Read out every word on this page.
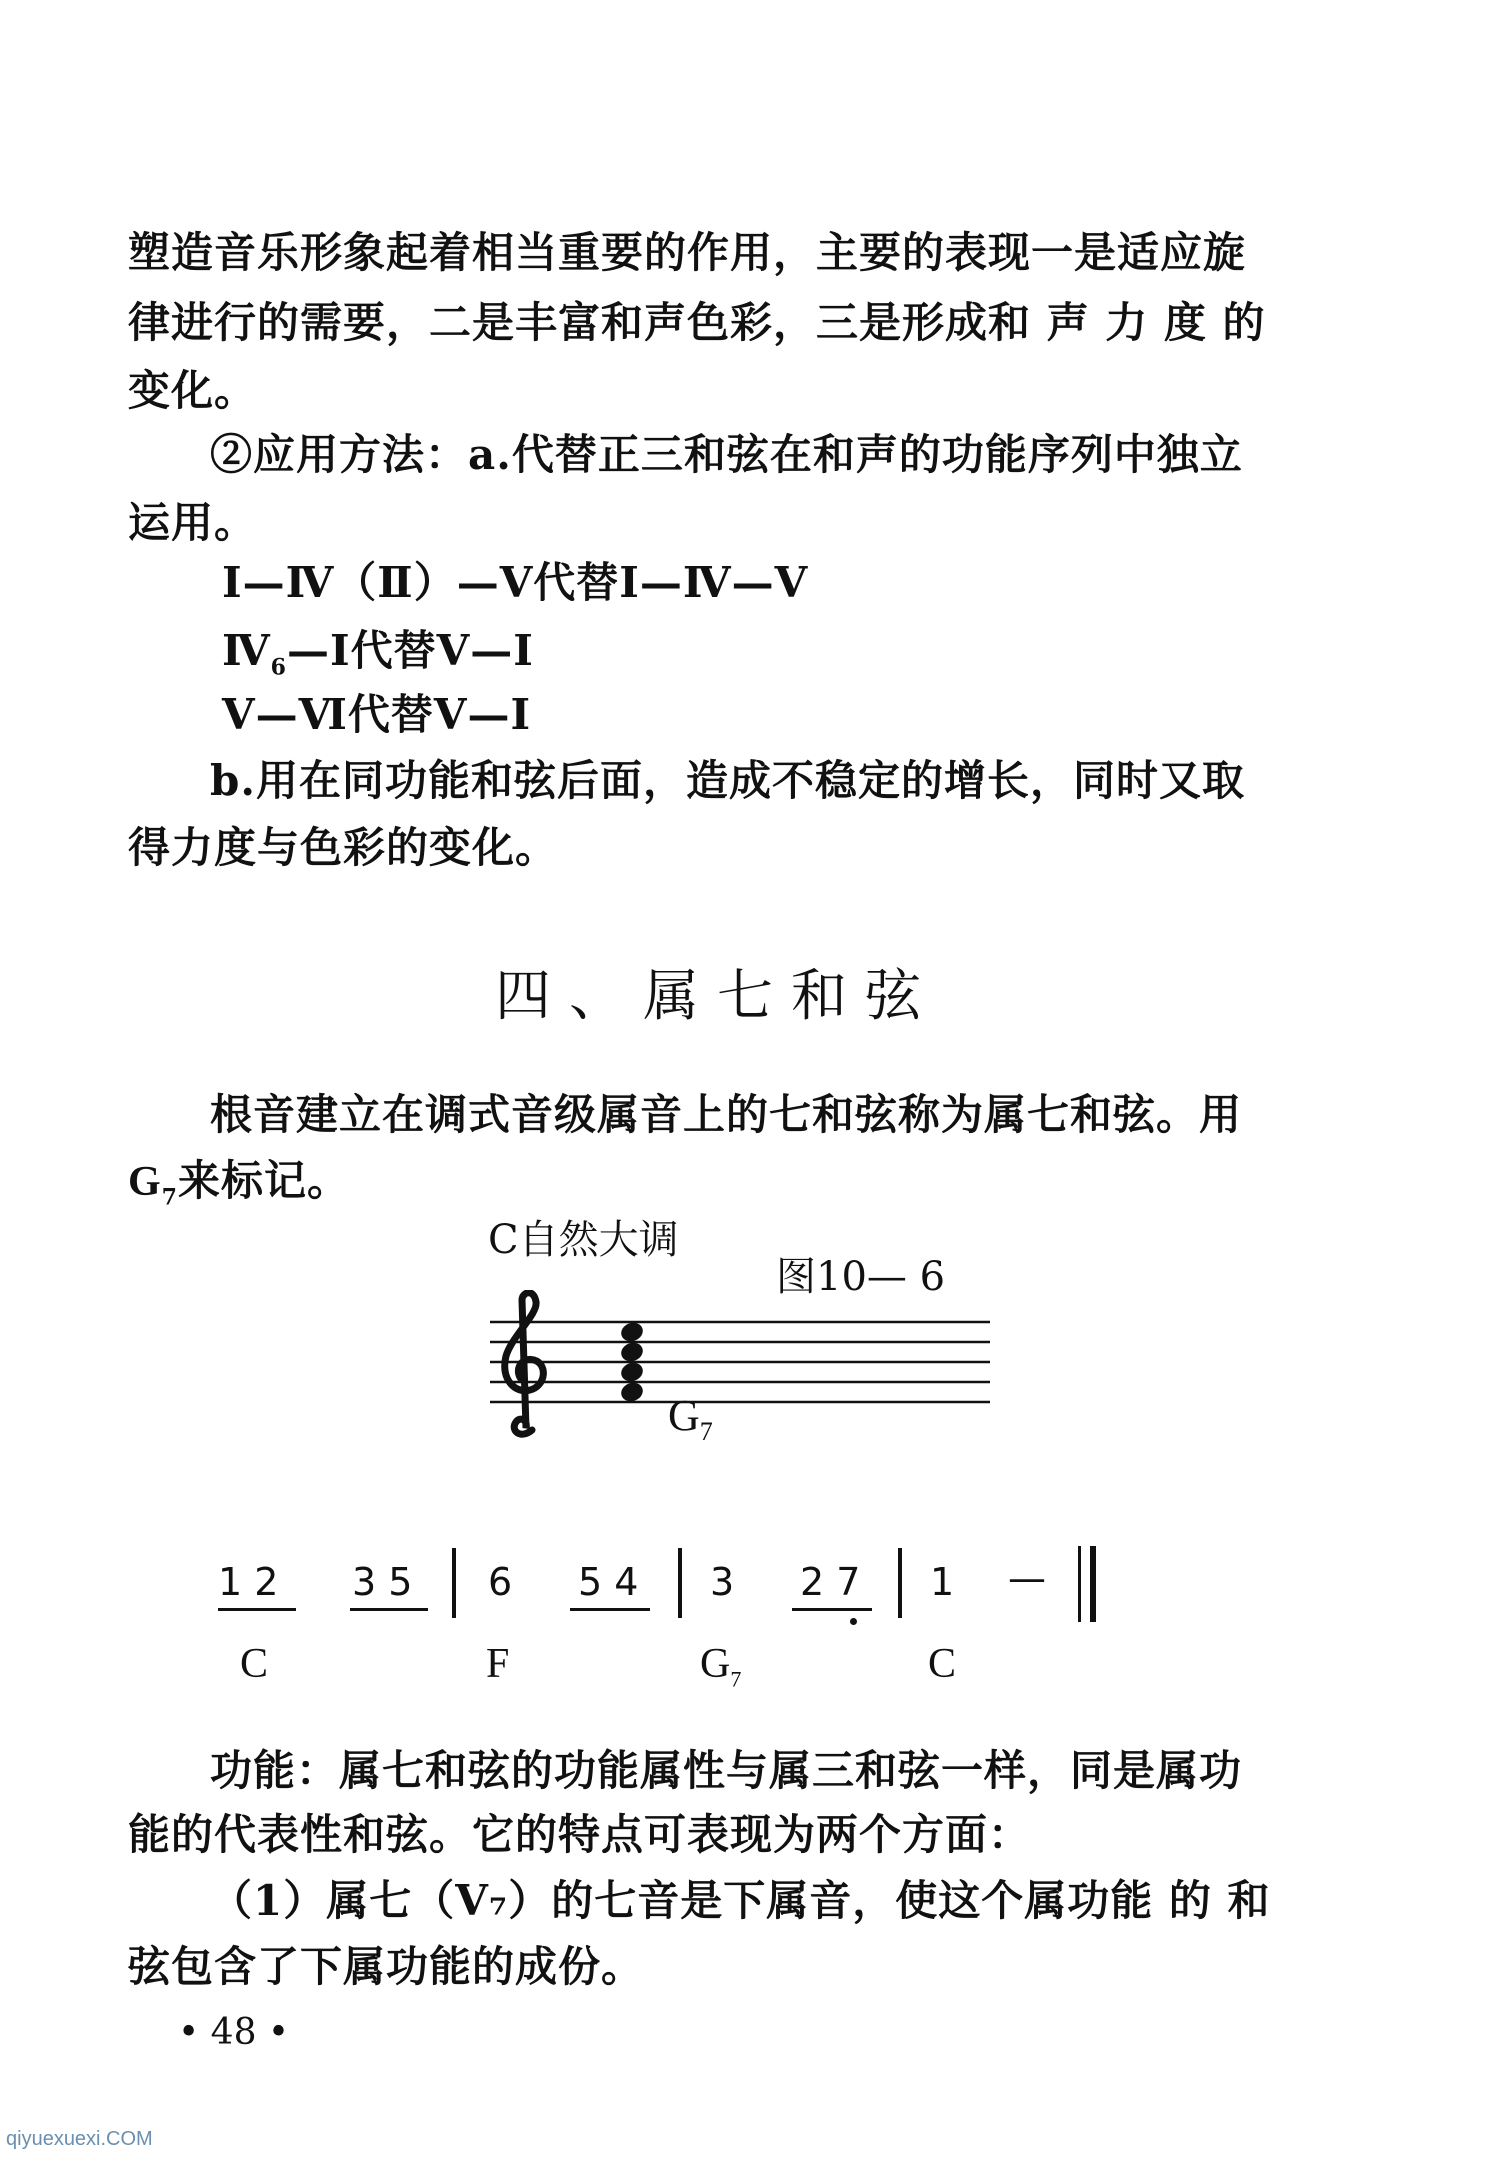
塑造音乐形象起着相当重要的作用，主要的表现一是适应旋
律进行的需要，二是丰富和声色彩，三是形成和 声 力 度 的
变化。
②应用方法：a.代替正三和弦在和声的功能序列中独立
运用。
Ⅰ—Ⅳ（Ⅱ）—Ⅴ代替Ⅰ—Ⅳ—Ⅴ
$Ⅳ_6—Ⅰ$代替Ⅴ—Ⅰ
Ⅴ—Ⅵ代替Ⅴ—Ⅰ
b.用在同功能和弦后面，造成不稳定的增长，同时又取
得力度与色彩的变化。
四、属七和弦
根音建立在调式音级属音上的七和弦称为属七和弦。用
$G_7$来标记。
C自然大调
图10— 6
$G_7$
1 2 3 5 6 5 4 3 2 7 1 —
C	F	$G_7$	C
功能：属七和弦的功能属性与属三和弦一样，同是属功
能的代表性和弦。它的特点可表现为两个方面：
（1）属七（Ⅴ₇）的七音是下属音，使这个属功能 的 和
弦包含了下属功能的成份。
• 48 •
qiyuexuexi.COM
